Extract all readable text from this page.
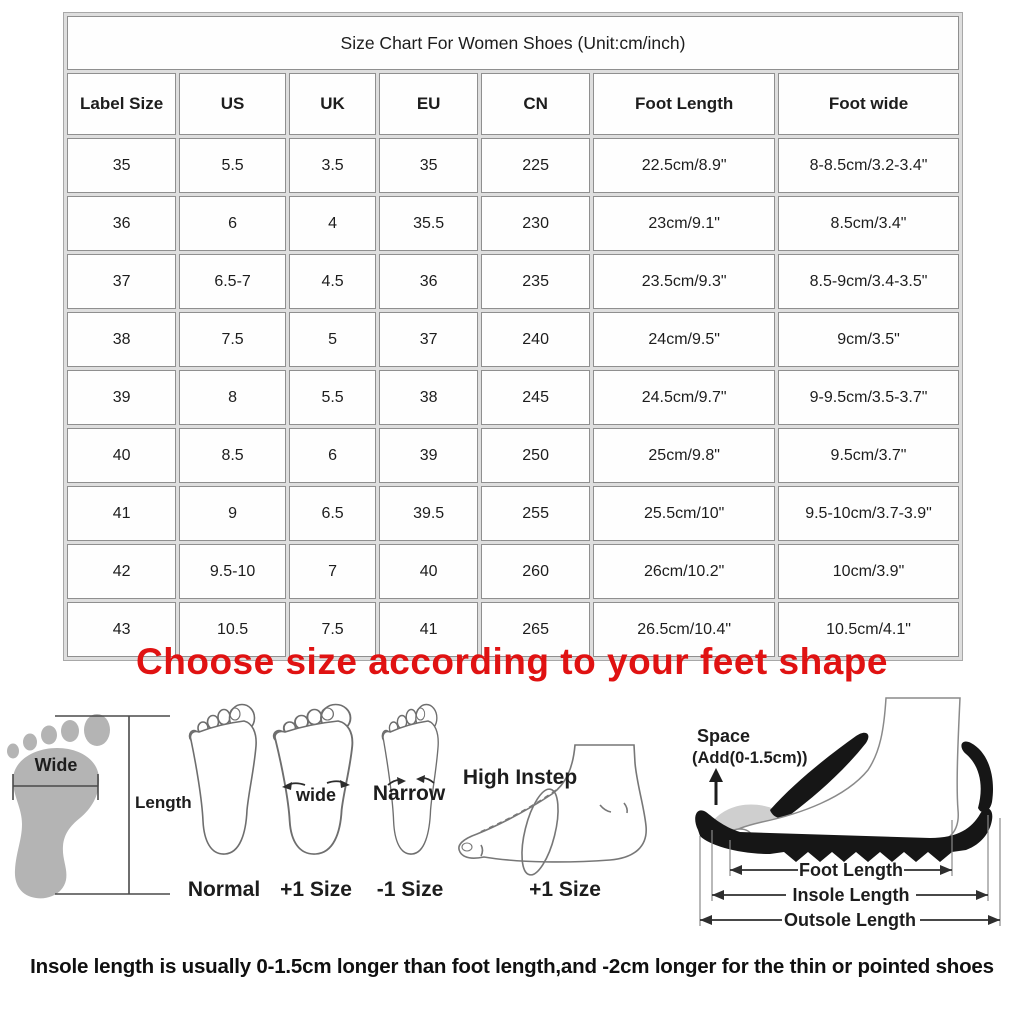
Size Chart For Women Shoes (Unit:cm/inch)						
Label Size	US	UK	EU	CN	Foot Length	Foot wide
35	5.5	3.5	35	225	22.5cm/8.9"	8-8.5cm/3.2-3.4"
36	6	4	35.5	230	23cm/9.1"	8.5cm/3.4"
37	6.5-7	4.5	36	235	23.5cm/9.3"	8.5-9cm/3.4-3.5"
38	7.5	5	37	240	24cm/9.5"	9cm/3.5"
39	8	5.5	38	245	24.5cm/9.7"	9-9.5cm/3.5-3.7"
40	8.5	6	39	250	25cm/9.8"	9.5cm/3.7"
41	9	6.5	39.5	255	25.5cm/10"	9.5-10cm/3.7-3.9"
42	9.5-10	7	40	260	26cm/10.2"	10cm/3.9"
43	10.5	7.5	41	265	26.5cm/10.4"	10.5cm/4.1"
Choose size according to your feet shape
Wide
Length
Normal
wide
+1 Size
Narrow
-1 Size
High Instep
+1 Size
Space
(Add(0-1.5cm))
Foot Length
Insole Length
Outsole Length
Insole length is usually 0-1.5cm longer than foot length,and -2cm longer for the thin or pointed shoes
